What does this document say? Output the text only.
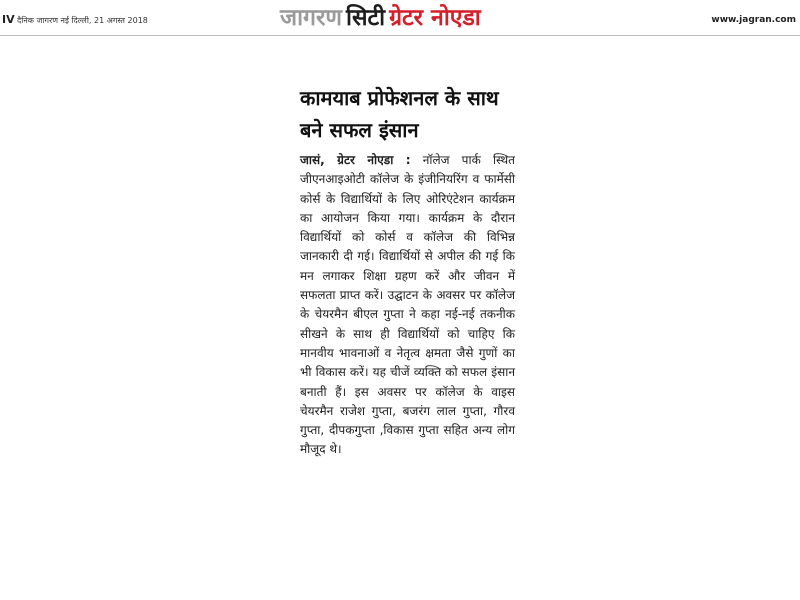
IV दैनिक जागरण नई दिल्ली, 21 अगस्त 2018	जागरण सिटी ग्रेटर नोएडा	www.jagran.com
कामयाब प्रोफेशनल के साथ बने सफल इंसान

जासं, ग्रेटर नोएडा : नॉलेज पार्क स्थित जीएनआइओटी कॉलेज के इंजीनियरिंग व फार्मेसी कोर्स के विद्यार्थियों के लिए ओरिएंटेशन कार्यक्रम का आयोजन किया गया। कार्यक्रम के दौरान विद्यार्थियों को कोर्स व कॉलेज की विभिन्न जानकारी दी गई। विद्यार्थियों से अपील की गई कि मन लगाकर शिक्षा ग्रहण करें और जीवन में सफलता प्राप्त करें। उद्घाटन के अवसर पर कॉलेज के चेयरमैन बीएल गुप्ता ने कहा नई-नई तकनीक सीखने के साथ ही विद्यार्थियों को चाहिए कि मानवीय भावनाओं व नेतृत्व क्षमता जैसे गुणों का भी विकास करें। यह चीजें व्यक्ति को सफल इंसान बनाती हैं। इस अवसर पर कॉलेज के वाइस चेयरमैन राजेश गुप्ता, बजरंग लाल गुप्ता, गौरव गुप्ता, दीपकगुप्ता ,विकास गुप्ता सहित अन्य लोग मौजूद थे।
